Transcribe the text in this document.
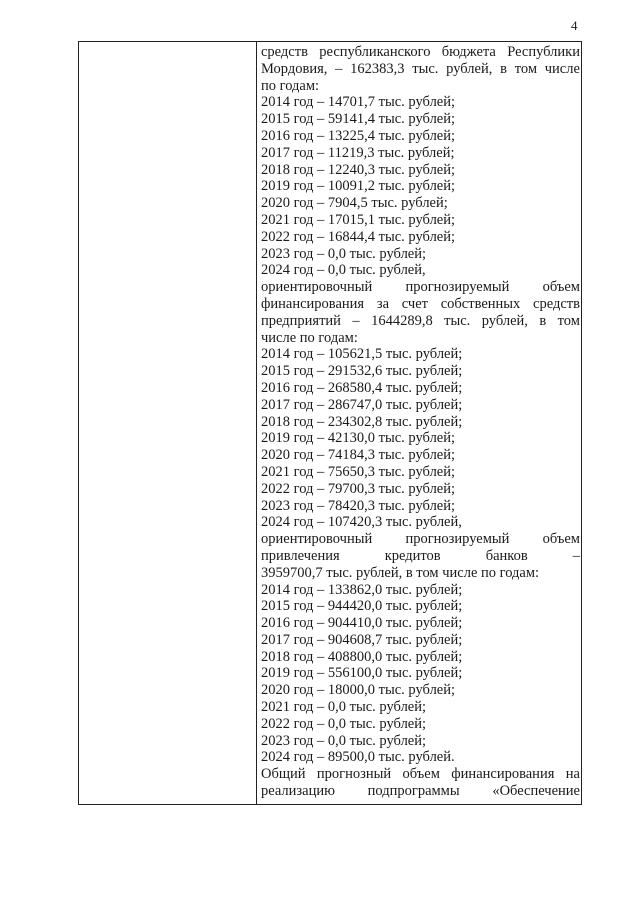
4
средств республиканского бюджета Республики
Мордовия, – 162383,3 тыс. рублей, в том числе
по годам:
2014 год – 14701,7 тыс. рублей;
2015 год – 59141,4 тыс. рублей;
2016 год – 13225,4 тыс. рублей;
2017 год – 11219,3 тыс. рублей;
2018 год – 12240,3 тыс. рублей;
2019 год – 10091,2 тыс. рублей;
2020 год – 7904,5 тыс. рублей;
2021 год – 17015,1 тыс. рублей;
2022 год – 16844,4 тыс. рублей;
2023 год – 0,0 тыс. рублей;
2024 год – 0,0 тыс. рублей,
ориентировочный прогнозируемый объем
финансирования за счет собственных средств
предприятий – 1644289,8 тыс. рублей, в том
числе по годам:
2014 год – 105621,5 тыс. рублей;
2015 год – 291532,6 тыс. рублей;
2016 год – 268580,4 тыс. рублей;
2017 год – 286747,0 тыс. рублей;
2018 год – 234302,8 тыс. рублей;
2019 год – 42130,0 тыс. рублей;
2020 год – 74184,3 тыс. рублей;
2021 год – 75650,3 тыс. рублей;
2022 год – 79700,3 тыс. рублей;
2023 год – 78420,3 тыс. рублей;
2024 год – 107420,3 тыс. рублей,
ориентировочный прогнозируемый объем
привлечения	кредитов	банков	–
3959700,7 тыс. рублей, в том числе по годам:
2014 год – 133862,0 тыс. рублей;
2015 год – 944420,0 тыс. рублей;
2016 год – 904410,0 тыс. рублей;
2017 год – 904608,7 тыс. рублей;
2018 год – 408800,0 тыс. рублей;
2019 год – 556100,0 тыс. рублей;
2020 год – 18000,0 тыс. рублей;
2021 год – 0,0 тыс. рублей;
2022 год – 0,0 тыс. рублей;
2023 год – 0,0 тыс. рублей;
2024 год – 89500,0 тыс. рублей.
Общий прогнозный объем финансирования на
реализацию подпрограммы «Обеспечение
